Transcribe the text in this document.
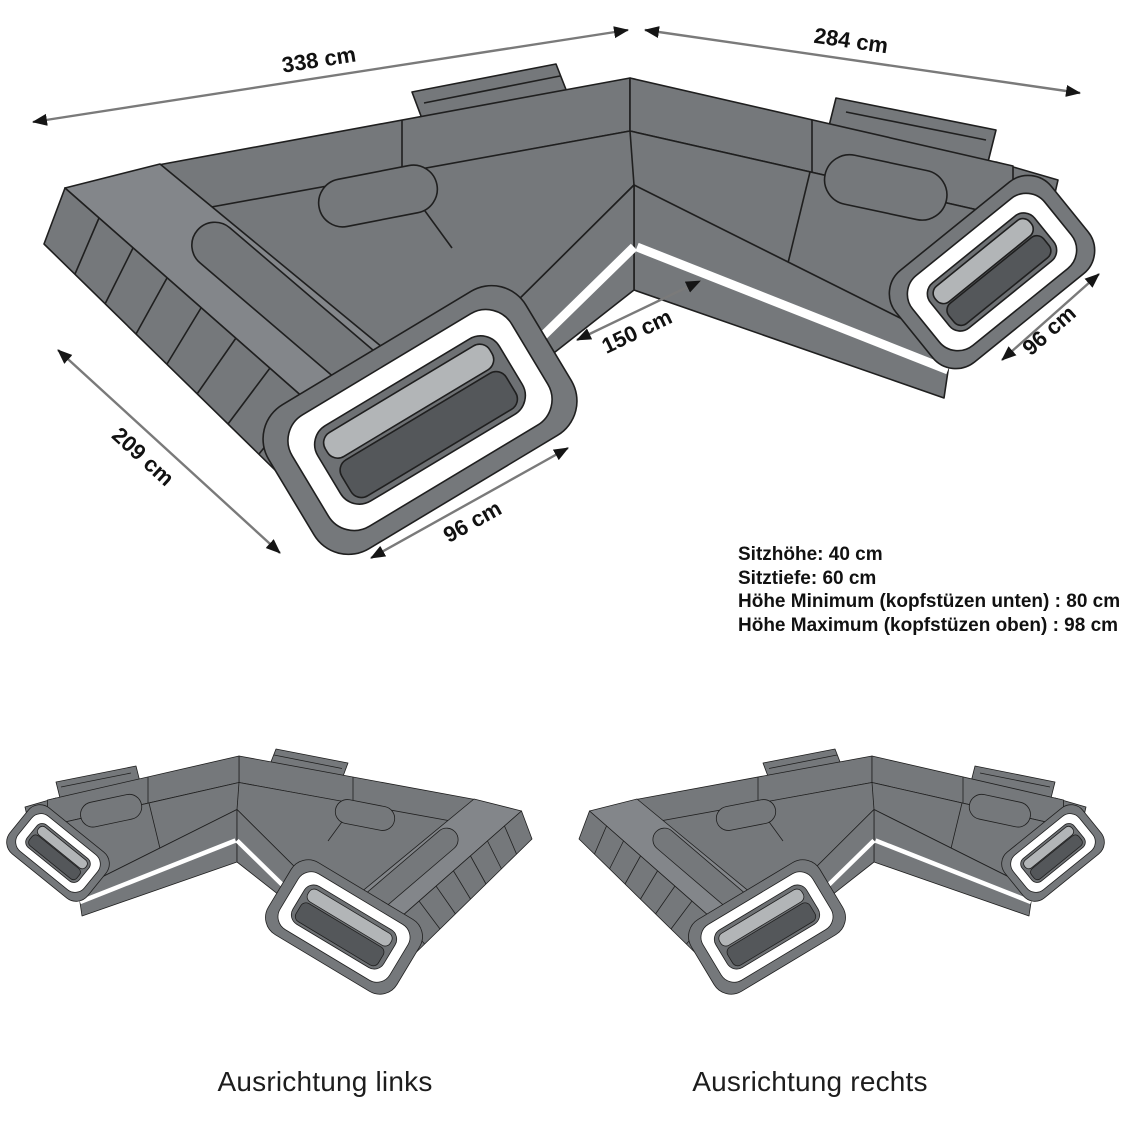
338 cm
284 cm
150 cm	96 cm
209 cm
96 cm
Sitzhöhe: 40 cm
Sitztiefe: 60 cm
Höhe Minimum (kopfstüzen unten) : 80 cm
Höhe Maximum (kopfstüzen oben) : 98 cm
Ausrichtung links	Ausrichtung rechts
